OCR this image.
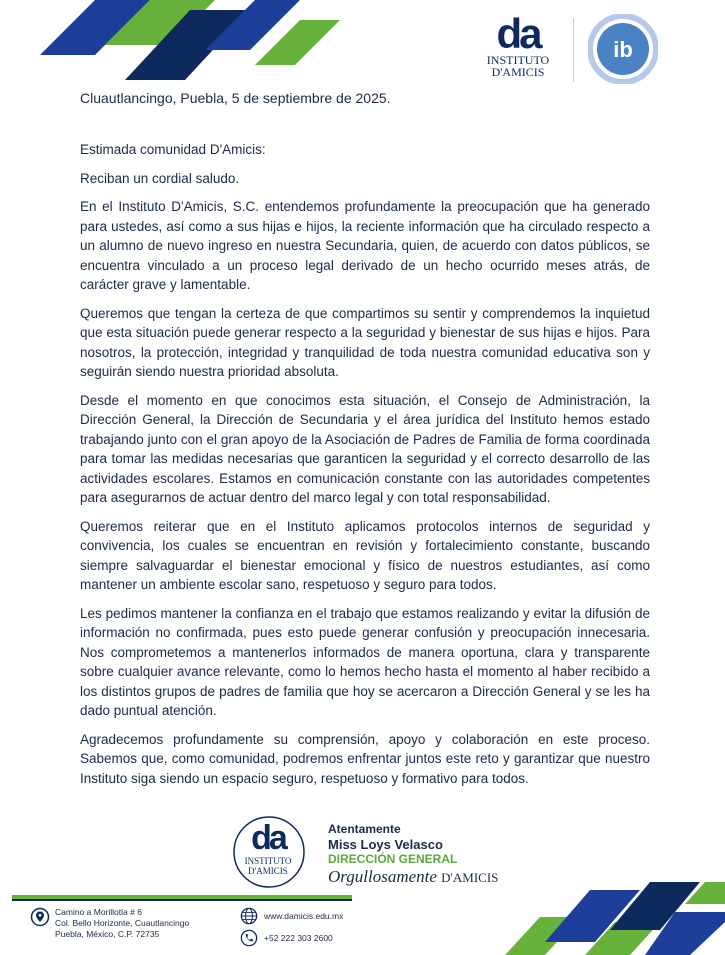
da
INSTITUTO
D'AMICIS
ib
Cluautlancingo, Puebla, 5 de septiembre de 2025.

Estimada comunidad D'Amicis:

Reciban un cordial saludo.

En el Instituto D'Amicis, S.C. entendemos profundamente la preocupación que ha generado para ustedes, así como a sus hijas e hijos, la reciente información que ha circulado respecto a un alumno de nuevo ingreso en nuestra Secundaria, quien, de acuerdo con datos públicos, se encuentra vinculado a un proceso legal derivado de un hecho ocurrido meses atrás, de carácter grave y lamentable.

Queremos que tengan la certeza de que compartimos su sentir y comprendemos la inquietud que esta situación puede generar respecto a la seguridad y bienestar de sus hijas e hijos. Para nosotros, la protección, integridad y tranquilidad de toda nuestra comunidad educativa son y seguirán siendo nuestra prioridad absoluta.

Desde el momento en que conocimos esta situación, el Consejo de Administración, la Dirección General, la Dirección de Secundaria y el área jurídica del Instituto hemos estado trabajando junto con el gran apoyo de la Asociación de Padres de Familia de forma coordinada para tomar las medidas necesarias que garanticen la seguridad y el correcto desarrollo de las actividades escolares. Estamos en comunicación constante con las autoridades competentes para asegurarnos de actuar dentro del marco legal y con total responsabilidad.

Queremos reiterar que en el Instituto aplicamos protocolos internos de seguridad y convivencia, los cuales se encuentran en revisión y fortalecimiento constante, buscando siempre salvaguardar el bienestar emocional y físico de nuestros estudiantes, así como mantener un ambiente escolar sano, respetuoso y seguro para todos.

Les pedimos mantener la confianza en el trabajo que estamos realizando y evitar la difusión de información no confirmada, pues esto puede generar confusión y preocupación innecesaria. Nos comprometemos a mantenerlos informados de manera oportuna, clara y transparente sobre cualquier avance relevante, como lo hemos hecho hasta el momento al haber recibido a los distintos grupos de padres de familia que hoy se acercaron a Dirección General y se les ha dado puntual atención.

Agradecemos profundamente su comprensión, apoyo y colaboración en este proceso. Sabemos que, como comunidad, podremos enfrentar juntos este reto y garantizar que nuestro Instituto siga siendo un espacio seguro, respetuoso y formativo para todos.

da
INSTITUTO
D'AMICIS
Atentamente
Miss Loys Velasco
DIRECCIÓN GENERAL
Orgullosamente D'AMICIS
Camino a Morillotla # 6
Col. Bello Horizonte, Cuautlancingo
Puebla, México, C.P. 72735
www.damicis.edu.mx
+52 222 303 2600
